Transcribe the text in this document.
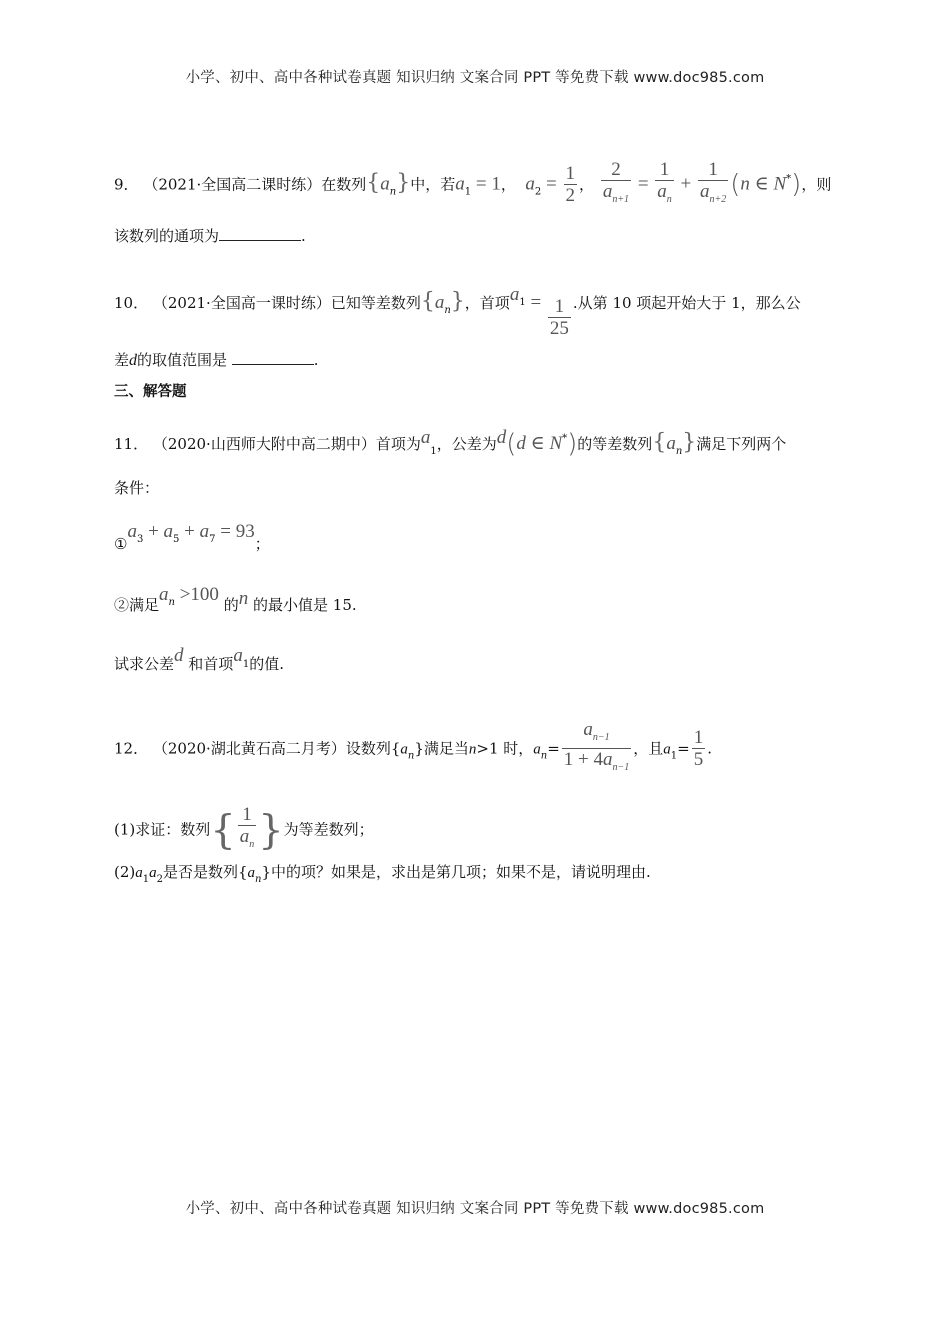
小学、初中、高中各种试卷真题 知识归纳 文案合同 PPT 等免费下载 www.doc985.com
9． （2021·全国高二课时练）在数列$\{a_n\}$中，若$a_1 = 1$， $a_2 = \frac{1}{2}$ ， $\frac{2}{a_{n+1}} = \frac{1}{a_n} + \frac{1}{a_{n+2}} (n$ ∈ N*)，则
该数列的通项为	.
10． （2021·全国高一课时练）已知等差数列$\{a_n\}$，首项$a^1 = \frac{1}{25}$ .从第 10 项起开始大于 1，那么公
差d的取值范围是	.
三、解答题
11． （2020·山西师大附中高二期中）首项为$a_1$，公差为d(d ∈ N*)的等差数列$\{a_n\}$满足下列两个
条件：
$①a_3 + a_5 + a_7 = 93$；
②满足$a_n >100$ 的n 的最小值是 15.
试求公差d 和首项a1的值.
12． （2020·湖北黄石高二月考）设数列$\{a_n\}$满足当n>1 时，$a_n= \frac{a_{n-1}}{1 + 4a_{n-1}}$ ，且$a_1= \frac{1}{5}$ .
(1)求证：数列{ $\frac{1}{a_n}$ }为等差数列；
$(2)a_1a_2$是否是数列$\{a_n\}$中的项？如果是，求出是第几项；如果不是，请说明理由.
小学、初中、高中各种试卷真题 知识归纳 文案合同 PPT 等免费下载 www.doc985.com
